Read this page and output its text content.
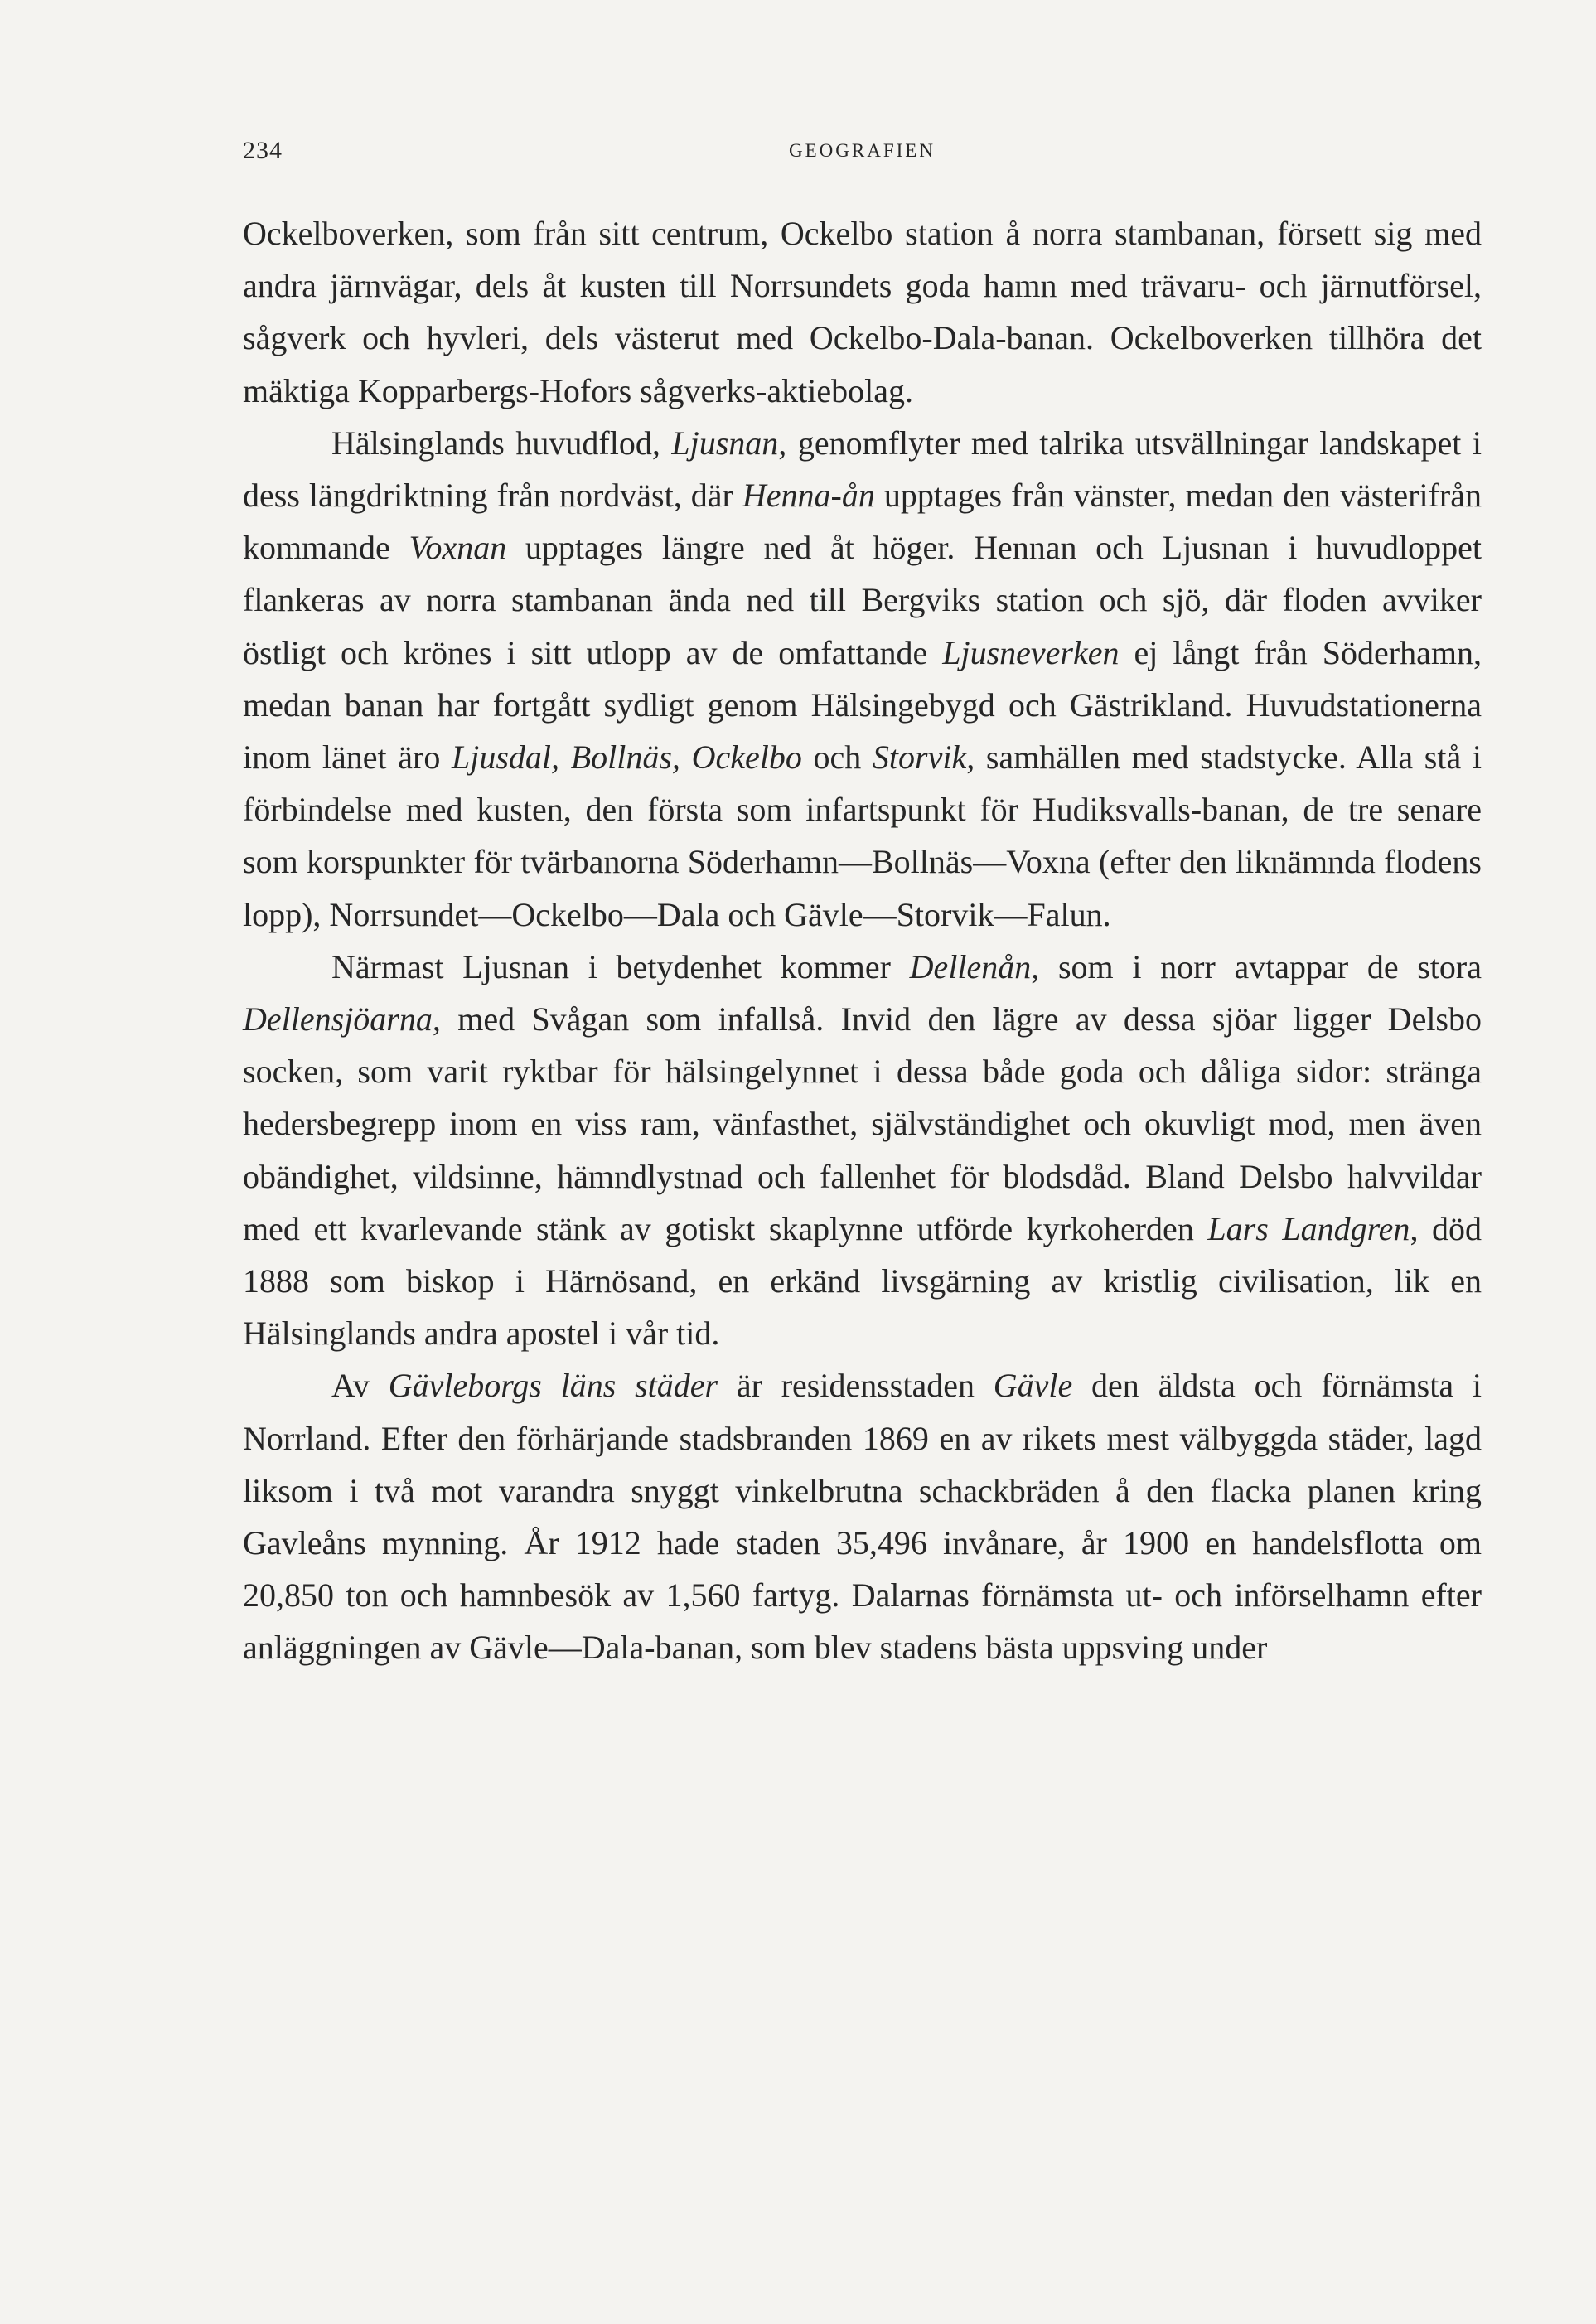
234	GEOGRAFIEN

Ockelboverken, som från sitt centrum, Ockelbo station å norra stambanan, försett sig med andra järnvägar, dels åt kusten till Norrsundets goda hamn med trävaru- och järnutförsel, sågverk och hyvleri, dels västerut med Ockelbo-Dala-banan. Ockelboverken tillhöra det mäktiga Kopparbergs-Hofors sågverks-aktiebolag.

Hälsinglands huvudflod, Ljusnan, genomflyter med talrika utsvällningar landskapet i dess längdriktning från nordväst, där Henna-ån upptages från vänster, medan den västerifrån kommande Voxnan upptages längre ned åt höger. Hennan och Ljusnan i huvudloppet flankeras av norra stambanan ända ned till Bergviks station och sjö, där floden avviker östligt och krönes i sitt utlopp av de omfattande Ljusneverken ej långt från Söderhamn, medan banan har fortgått sydligt genom Hälsingebygd och Gästrikland. Huvudstationerna inom länet äro Ljusdal, Bollnäs, Ockelbo och Storvik, samhällen med stadstycke. Alla stå i förbindelse med kusten, den första som infartspunkt för Hudiksvalls-banan, de tre senare som korspunkter för tvärbanorna Söderhamn—Bollnäs—Voxna (efter den liknämnda flodens lopp), Norrsundet—Ockelbo—Dala och Gävle—Storvik—Falun.

Närmast Ljusnan i betydenhet kommer Dellenån, som i norr avtappar de stora Dellensjöarna, med Svågan som infallså. Invid den lägre av dessa sjöar ligger Delsbo socken, som varit ryktbar för hälsingelynnet i dessa både goda och dåliga sidor: stränga hedersbegrepp inom en viss ram, vänfasthet, självständighet och okuvligt mod, men även obändighet, vildsinne, hämndlystnad och fallenhet för blodsdåd. Bland Delsbo halvvildar med ett kvarlevande stänk av gotiskt skaplynne utförde kyrkoherden Lars Landgren, död 1888 som biskop i Härnösand, en erkänd livsgärning av kristlig civilisation, lik en Hälsinglands andra apostel i vår tid.

Av Gävleborgs läns städer är residensstaden Gävle den äldsta och förnämsta i Norrland. Efter den förhärjande stadsbranden 1869 en av rikets mest välbyggda städer, lagd liksom i två mot varandra snyggt vinkelbrutna schackbräden å den flacka planen kring Gavleåns mynning. År 1912 hade staden 35,496 invånare, år 1900 en handelsflotta om 20,850 ton och hamnbesök av 1,560 fartyg. Dalarnas förnämsta ut- och införselhamn efter anläggningen av Gävle—Dala-banan, som blev stadens bästa uppsving under
